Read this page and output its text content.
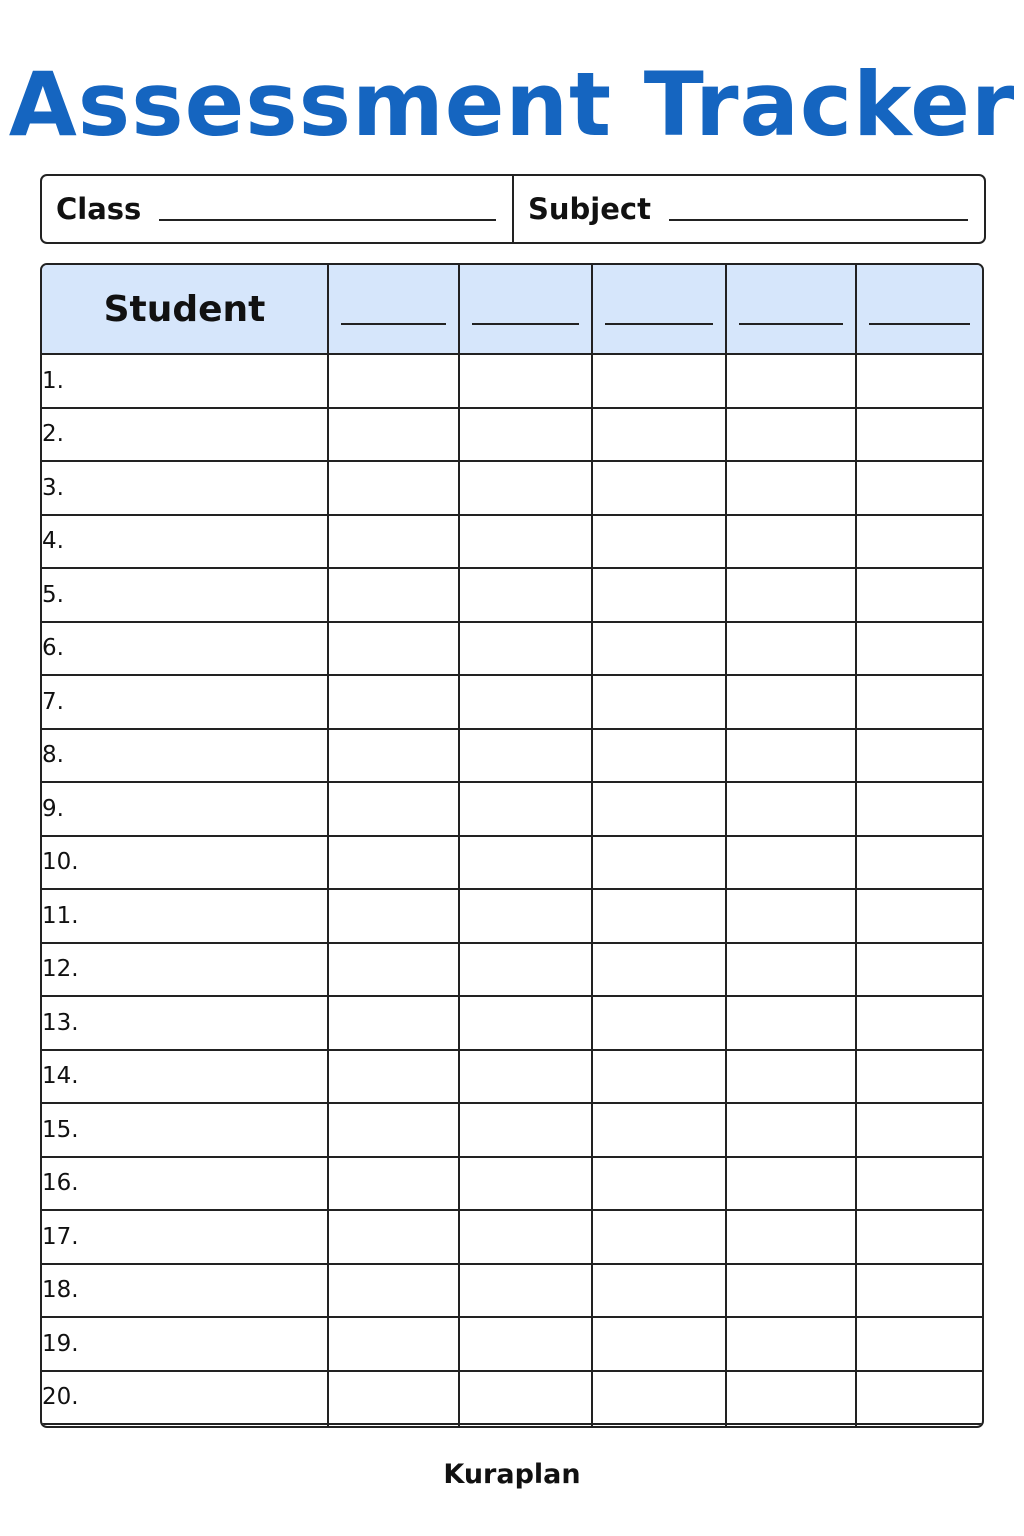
Assessment Tracker
Class	Subject
Student	

1.					
2.					
3.					
4.					
5.					
6.					
7.					
8.					
9.					
10.					
11.					
12.					
13.					
14.					
15.					
16.					
17.					
18.					
19.					
20.					

Kuraplan
